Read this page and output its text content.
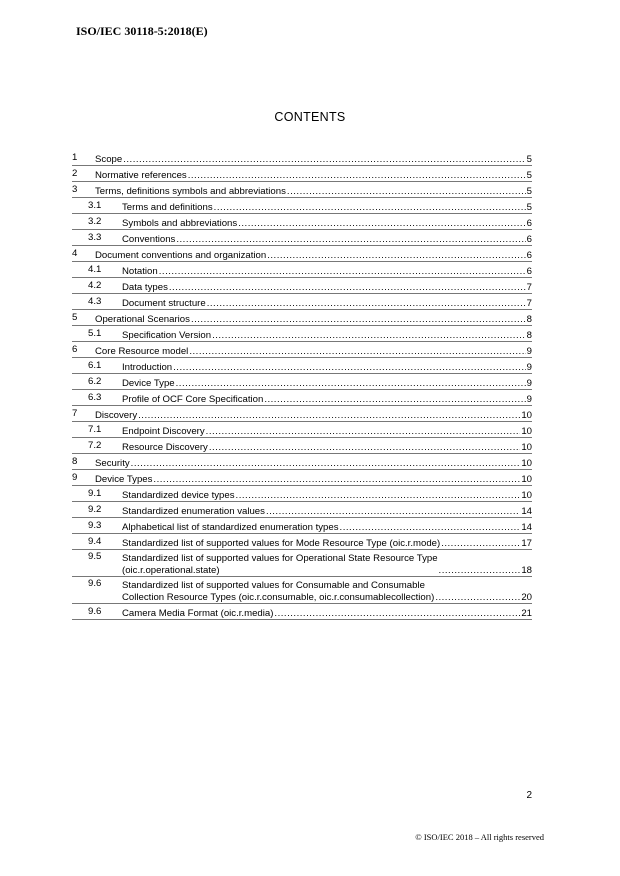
ISO/IEC 30118-5:2018(E)
CONTENTS
1	Scope .....	5
2	Normative references .....	5
3	Terms, definitions symbols and abbreviations .....	5
3.1	Terms and definitions .....	5
3.2	Symbols and abbreviations .....	6
3.3	Conventions .....	6
4	Document conventions and organization .....	6
4.1	Notation .....	6
4.2	Data types .....	7
4.3	Document structure .....	7
5	Operational Scenarios .....	8
5.1	Specification Version .....	8
6	Core Resource model .....	9
6.1	Introduction .....	9
6.2	Device Type .....	9
6.3	Profile of OCF Core Specification .....	9
7	Discovery .....	10
7.1	Endpoint Discovery .....	10
7.2	Resource Discovery .....	10
8	Security .....	10
9	Device Types .....	10
9.1	Standardized device types .....	10
9.2	Standardized enumeration values .....	14
9.3	Alphabetical list of standardized enumeration types .....	14
9.4	Standardized list of supported values for Mode Resource Type (oic.r.mode) .....	17
9.5	Standardized list of supported values for Operational State Resource Type
(oic.r.operational.state) .....	18
9.6	Standardized list of supported values for Consumable and Consumable
Collection Resource Types (oic.r.consumable, oic.r.consumablecollection) .....	20
9.6	Camera Media Format (oic.r.media) .....	21
2
© ISO/IEC 2018 – All rights reserved
